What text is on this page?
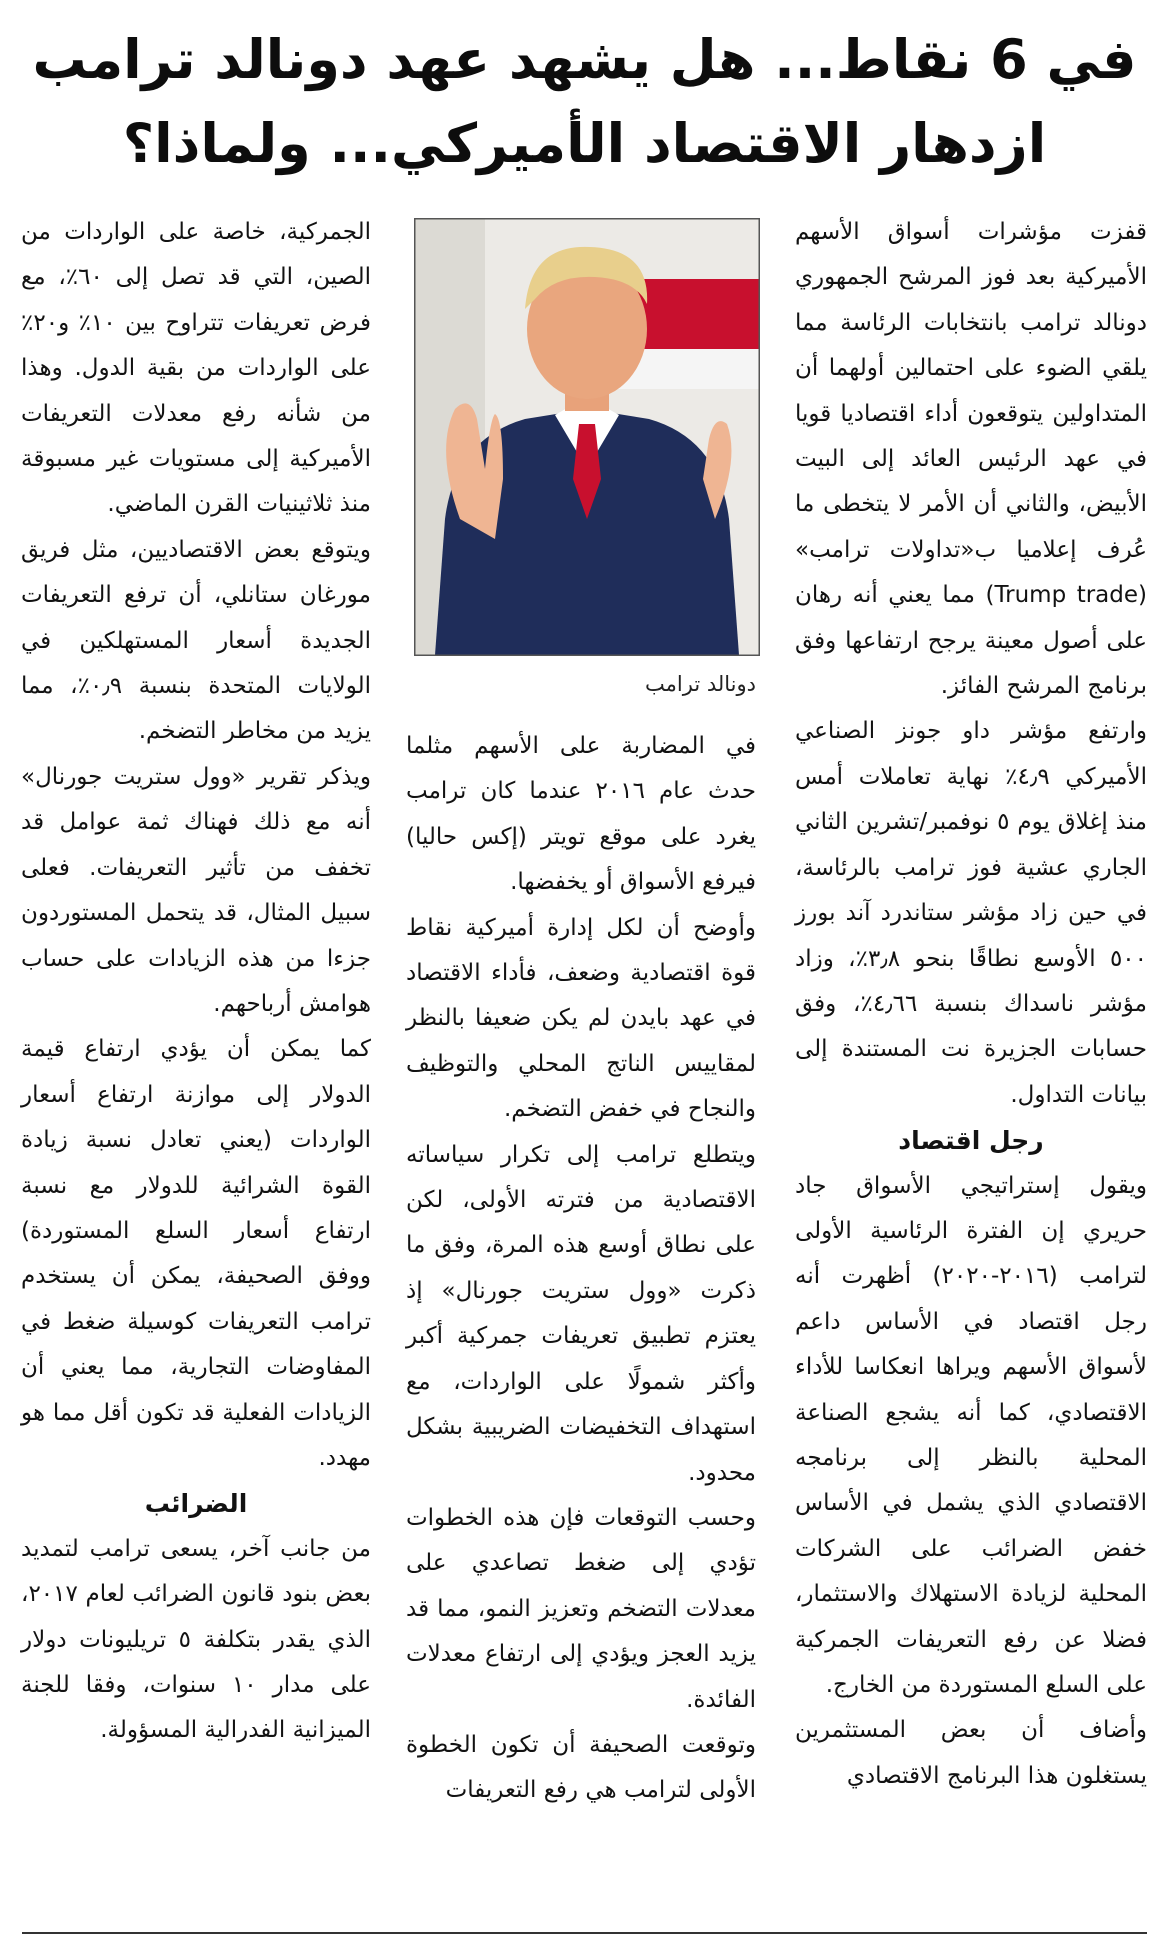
في 6 نقاط... هل يشهد عهد دونالد ترامب
ازدهار الاقتصاد الأميركي... ولماذا؟

قفزت مؤشرات أسواق الأسهم الأميركية بعد فوز المرشح الجمهوري دونالد ترامب بانتخابات الرئاسة مما يلقي الضوء على احتمالين أولهما أن المتداولين يتوقعون أداء اقتصاديا قويا في عهد الرئيس العائد إلى البيت الأبيض، والثاني أن الأمر لا يتخطى ما عُرف إعلاميا ب«تداولات ترامب» (Trump trade) مما يعني أنه رهان على أصول معينة يرجح ارتفاعها وفق برنامج المرشح الفائز.

وارتفع مؤشر داو جونز الصناعي الأميركي ٤٫٩٪ نهاية تعاملات أمس منذ إغلاق يوم ٥ نوفمبر/تشرين الثاني الجاري عشية فوز ترامب بالرئاسة، في حين زاد مؤشر ستاندرد آند بورز ٥٠٠ الأوسع نطاقًا بنحو ٣٫٨٪، وزاد مؤشر ناسداك بنسبة ٤٫٦٦٪، وفق حسابات الجزيرة نت المستندة إلى بيانات التداول.

رجل اقتصاد

ويقول إستراتيجي الأسواق جاد حريري إن الفترة الرئاسية الأولى لترامب (٢٠١٦-٢٠٢٠) أظهرت أنه رجل اقتصاد في الأساس داعم لأسواق الأسهم ويراها انعكاسا للأداء الاقتصادي، كما أنه يشجع الصناعة المحلية بالنظر إلى برنامجه الاقتصادي الذي يشمل في الأساس خفض الضرائب على الشركات المحلية لزيادة الاستهلاك والاستثمار، فضلا عن رفع التعريفات الجمركية على السلع المستوردة من الخارج.

وأضاف أن بعض المستثمرين يستغلون هذا البرنامج الاقتصادي

دونالد ترامب

في المضاربة على الأسهم مثلما حدث عام ٢٠١٦ عندما كان ترامب يغرد على موقع تويتر (إكس حاليا) فيرفع الأسواق أو يخفضها.

وأوضح أن لكل إدارة أميركية نقاط قوة اقتصادية وضعف، فأداء الاقتصاد في عهد بايدن لم يكن ضعيفا بالنظر لمقاييس الناتج المحلي والتوظيف والنجاح في خفض التضخم.

ويتطلع ترامب إلى تكرار سياساته الاقتصادية من فترته الأولى، لكن على نطاق أوسع هذه المرة، وفق ما ذكرت «وول ستريت جورنال» إذ يعتزم تطبيق تعريفات جمركية أكبر وأكثر شمولًا على الواردات، مع استهداف التخفيضات الضريبية بشكل محدود.

وحسب التوقعات فإن هذه الخطوات تؤدي إلى ضغط تصاعدي على معدلات التضخم وتعزيز النمو، مما قد يزيد العجز ويؤدي إلى ارتفاع معدلات الفائدة.

وتوقعت الصحيفة أن تكون الخطوة الأولى لترامب هي رفع التعريفات

الجمركية، خاصة على الواردات من الصين، التي قد تصل إلى ٦٠٪، مع فرض تعريفات تتراوح بين ١٠٪ و٢٠٪ على الواردات من بقية الدول. وهذا من شأنه رفع معدلات التعريفات الأميركية إلى مستويات غير مسبوقة منذ ثلاثينيات القرن الماضي.

ويتوقع بعض الاقتصاديين، مثل فريق مورغان ستانلي، أن ترفع التعريفات الجديدة أسعار المستهلكين في الولايات المتحدة بنسبة ٠٫٩٪، مما يزيد من مخاطر التضخم.

ويذكر تقرير «وول ستريت جورنال» أنه مع ذلك فهناك ثمة عوامل قد تخفف من تأثير التعريفات. فعلى سبيل المثال، قد يتحمل المستوردون جزءا من هذه الزيادات على حساب هوامش أرباحهم.

كما يمكن أن يؤدي ارتفاع قيمة الدولار إلى موازنة ارتفاع أسعار الواردات (يعني تعادل نسبة زيادة القوة الشرائية للدولار مع نسبة ارتفاع أسعار السلع المستوردة) ووفق الصحيفة، يمكن أن يستخدم ترامب التعريفات كوسيلة ضغط في المفاوضات التجارية، مما يعني أن الزيادات الفعلية قد تكون أقل مما هو مهدد.

الضرائب

من جانب آخر، يسعى ترامب لتمديد بعض بنود قانون الضرائب لعام ٢٠١٧، الذي يقدر بتكلفة ٥ تريليونات دولار على مدار ١٠ سنوات، وفقا للجنة الميزانية الفدرالية المسؤولة.
